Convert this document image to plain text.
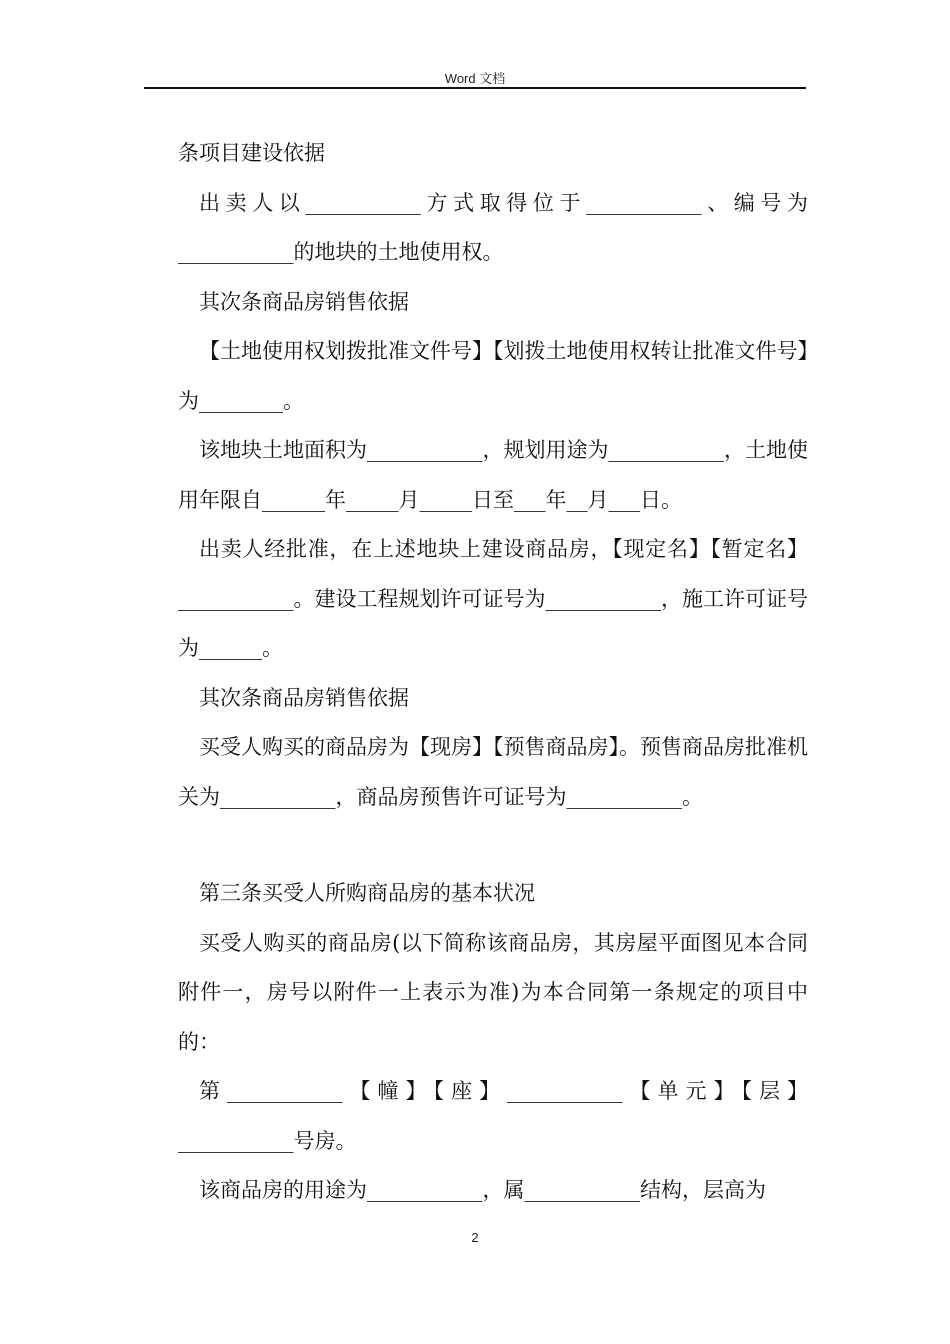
Word 文档

条项目建设依据

出卖人以___________方式取得位于___________、编号为___________的地块的土地使用权。

其次条商品房销售依据

【土地使用权划拨批准文件号】【划拨土地使用权转让批准文件号】为________。

该地块土地面积为___________，规划用途为___________，土地使用年限自______年_____月_____日至___年__月___日。

出卖人经批准，在上述地块上建设商品房，【现定名】【暂定名】___________。建设工程规划许可证号为___________，施工许可证号为______。

其次条商品房销售依据

买受人购买的商品房为【现房】【预售商品房】。预售商品房批准机关为___________，商品房预售许可证号为___________。

第三条买受人所购商品房的基本状况

买受人购买的商品房(以下简称该商品房，其房屋平面图见本合同附件一，房号以附件一上表示为准)为本合同第一条规定的项目中的：

第___________【幢】【座】___________【单元】【层】___________号房。

该商品房的用途为___________，属___________结构，层高为

2
